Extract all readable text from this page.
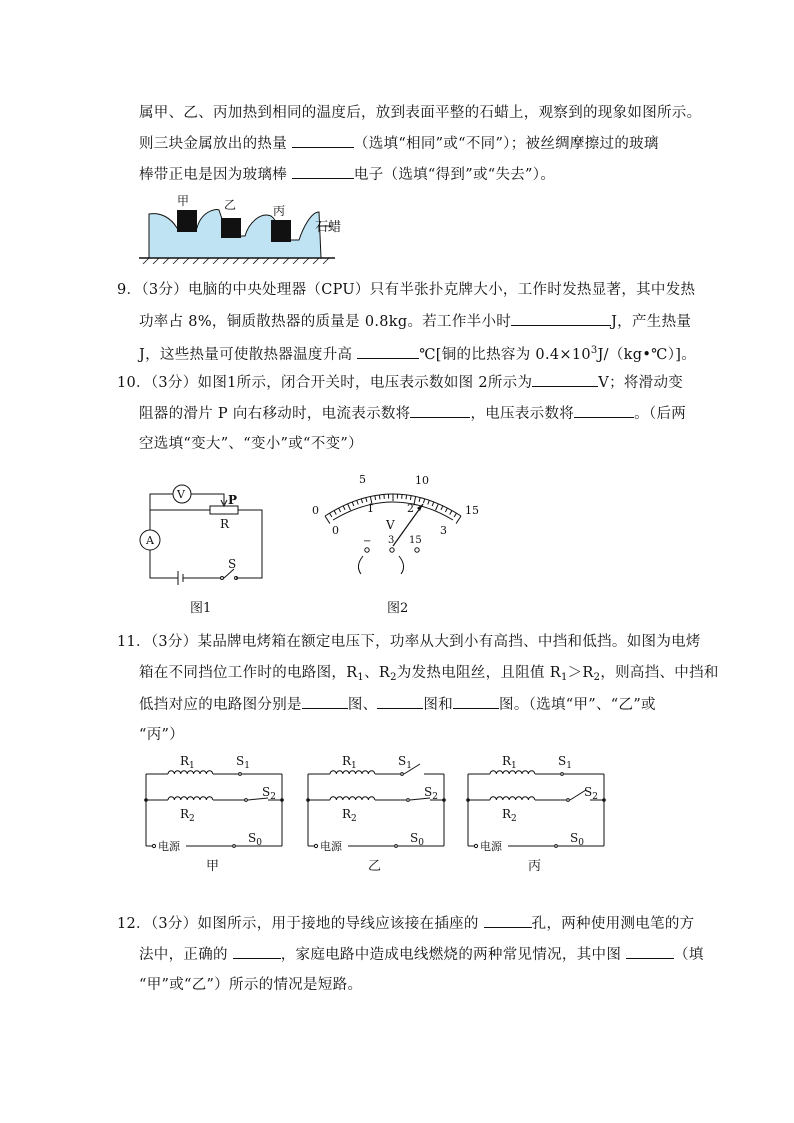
属甲、乙、丙加热到相同的温度后，放到表面平整的石蜡上，观察到的现象如图所示。
则三块金属放出的热量	（选填“相同”或“不同”）；被丝绸摩擦过的玻璃
棒带正电是因为玻璃棒	电子（选填“得到”或“失去”）。
甲	乙	丙
石蜡
9．（3分）电脑的中央处理器（CPU）只有半张扑克牌大小，工作时发热显著，其中发热
功率占 8%，铜质散热器的质量是 0.8kg。若工作半小时	J，产生热量
J，这些热量可使散热器温度升高	℃[铜的比热容为 $0.4\times 10^3J/(kg•℃)$]。
10．（3分）如图1所示，闭合开关时，电压表示数如图 2所示为	V；将滑动变
阻器的滑片 P 向右移动时，电流表示数将	，电压表示数将	。（后两
空选填“变大”、“变小”或“不变”）
V	P
R
A
S
图1
0
5	10
15
0
1	2
3
V
− 3 15
图2
11．（3分）某品牌电烤箱在额定电压下，功率从大到小有高挡、中挡和低挡。如图为电烤
箱在不同挡位工作时的电路图，$R_1$、$R_2$为发热电阻丝，且阻值 $R_1>R_2$，则高挡、中挡和
低挡对应的电路图分别是	图、	图和	图。（选填“甲”、“乙”或
“丙”）
电源
$R_1$	$S_1$
$R_2$
$S_2$
$S_0$
甲
电源
$R_1$	$S_1$
$R_2$
$S_2$
$S_0$
乙
电源
$R_1$	$S_1$
$R_2$
$S_2$
$S_0$
丙
12．（3分）如图所示，用于接地的导线应该接在插座的	孔，两种使用测电笔的方
法中，正确的	，家庭电路中造成电线燃烧的两种常见情况，其中图	（填
“甲”或“乙”）所示的情况是短路。
